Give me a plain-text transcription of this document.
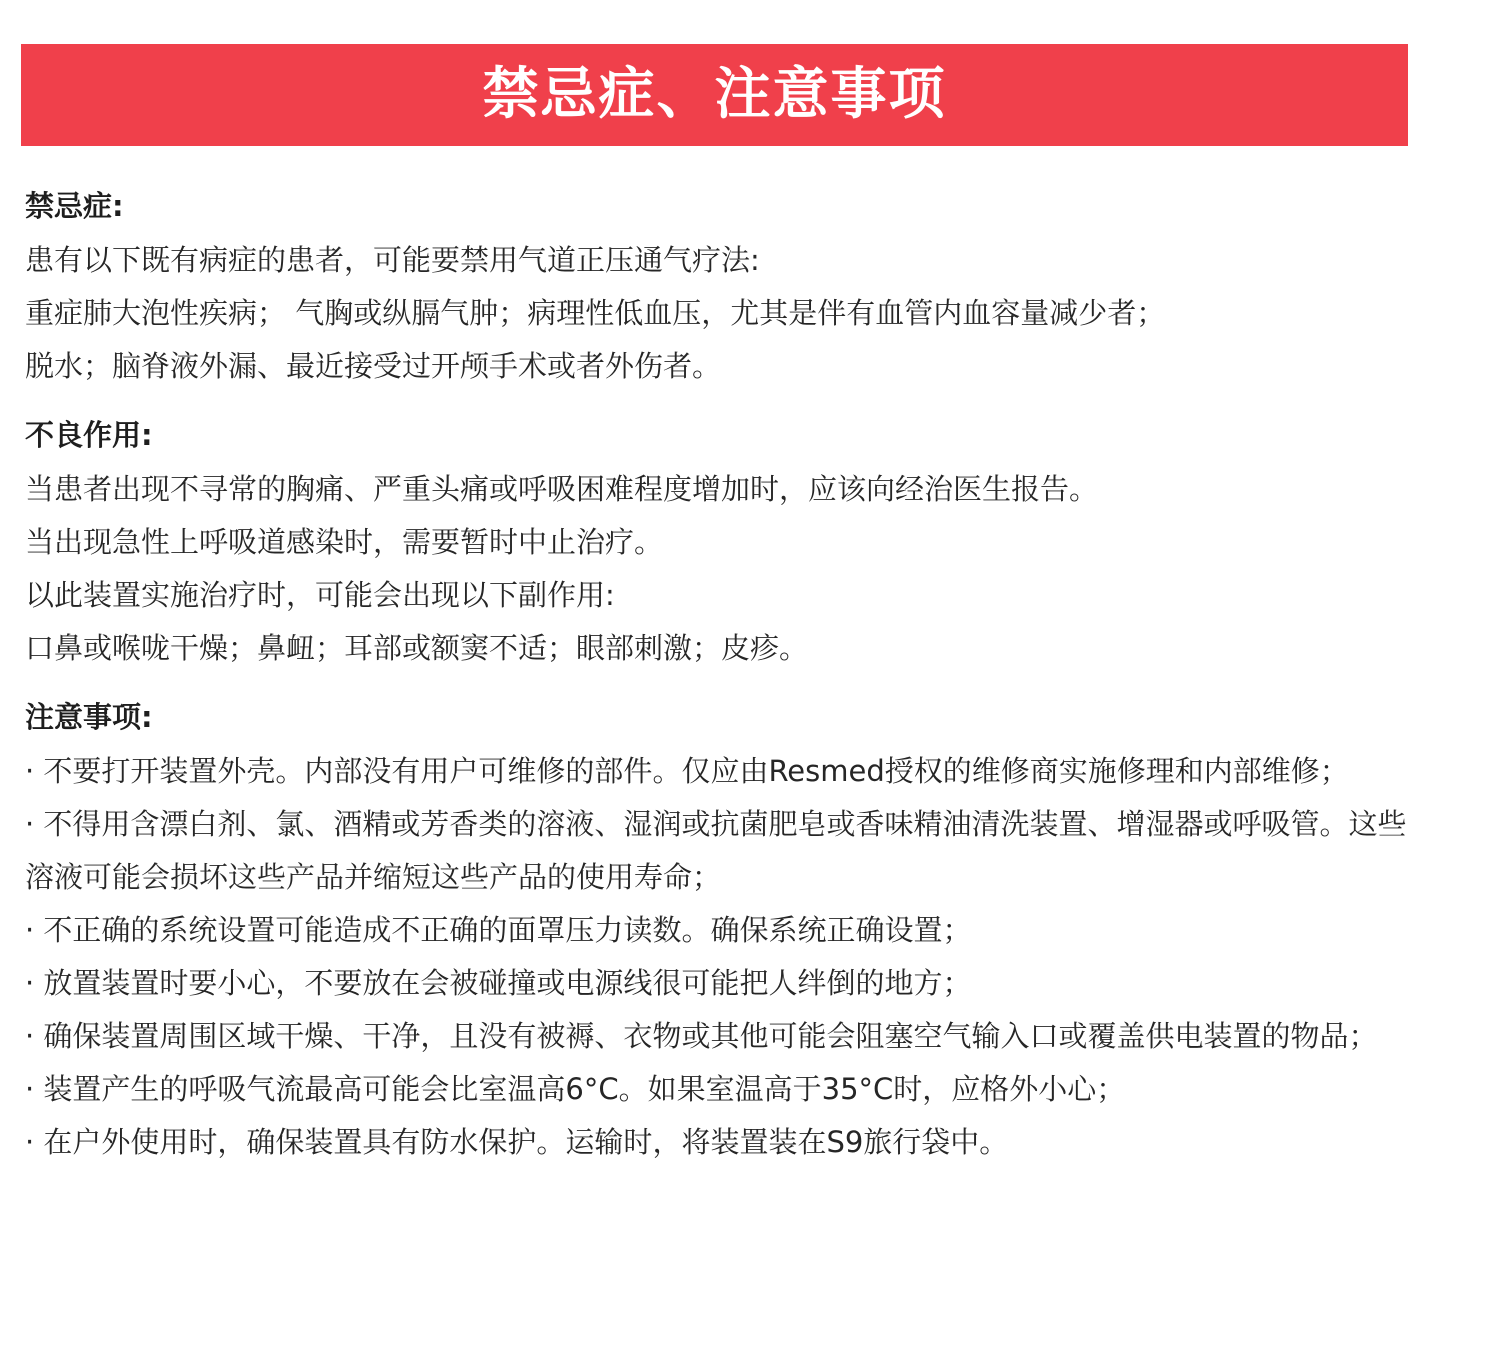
禁忌症、注意事项
禁忌症:
患有以下既有病症的患者，可能要禁用气道正压通气疗法:
重症肺大泡性疾病； 气胸或纵膈气肿；病理性低血压，尤其是伴有血管内血容量减少者；
脱水；脑脊液外漏、最近接受过开颅手术或者外伤者。
不良作用:
当患者出现不寻常的胸痛、严重头痛或呼吸困难程度增加时，应该向经治医生报告。
当出现急性上呼吸道感染时，需要暂时中止治疗。
以此装置实施治疗时，可能会出现以下副作用:
口鼻或喉咙干燥；鼻衄；耳部或额窦不适；眼部刺激；皮疹。
注意事项:
· 不要打开装置外壳。内部没有用户可维修的部件。仅应由Resmed授权的维修商实施修理和内部维修；
· 不得用含漂白剂、氯、酒精或芳香类的溶液、湿润或抗菌肥皂或香味精油清洗装置、增湿器或呼吸管。这些溶液可能会损坏这些产品并缩短这些产品的使用寿命；
· 不正确的系统设置可能造成不正确的面罩压力读数。确保系统正确设置；
· 放置装置时要小心，不要放在会被碰撞或电源线很可能把人绊倒的地方；
· 确保装置周围区域干燥、干净，且没有被褥、衣物或其他可能会阻塞空气输入口或覆盖供电装置的物品；
· 装置产生的呼吸气流最高可能会比室温高6°C。如果室温高于35°C时，应格外小心；
· 在户外使用时，确保装置具有防水保护。运输时，将装置装在S9旅行袋中。
